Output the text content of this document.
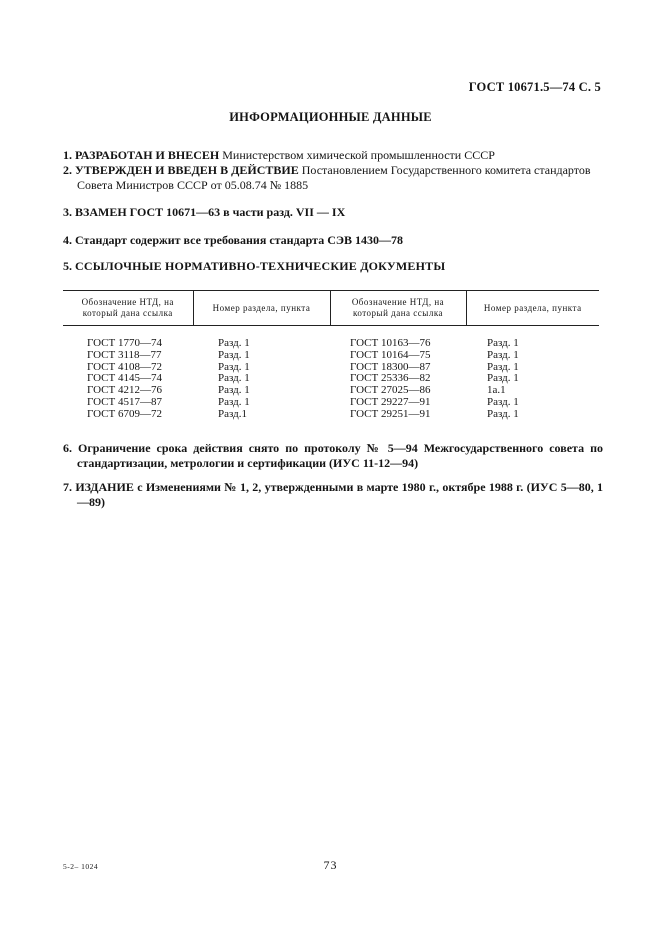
ГОСТ 10671.5—74 С. 5
ИНФОРМАЦИОННЫЕ ДАННЫЕ
1. РАЗРАБОТАН И ВНЕСЕН Министерством химической промышленности СССР
2. УТВЕРЖДЕН И ВВЕДЕН В ДЕЙСТВИЕ Постановлением Государственного комитета стандартов
Совета Министров СССР от 05.08.74 № 1885
3. ВЗАМЕН ГОСТ 10671—63 в части разд. VII — IX
4. Стандарт содержит все требования стандарта СЭВ 1430—78
5. ССЫЛОЧНЫЕ НОРМАТИВНО-ТЕХНИЧЕСКИЕ ДОКУМЕНТЫ
Обозначение НТД, на который дана ссылка	Номер раздела, пункта	Обозначение НТД, на который дана ссылка	Номер раздела, пункта
ГОСТ 1770—74	Разд. 1	ГОСТ 10163—76	Разд. 1
ГОСТ 3118—77	Разд. 1	ГОСТ 10164—75	Разд. 1
ГОСТ 4108—72	Разд. 1	ГОСТ 18300—87	Разд. 1
ГОСТ 4145—74	Разд. 1	ГОСТ 25336—82	Разд. 1
ГОСТ 4212—76	Разд. 1	ГОСТ 27025—86	1а.1
ГОСТ 4517—87	Разд. 1	ГОСТ 29227—91	Разд. 1
ГОСТ 6709—72	Разд.1	ГОСТ 29251—91	Разд. 1
6. Ограничение срока действия снято по протоколу № 5—94 Межгосударственного совета по стандартизации, метрологии и сертификации (ИУС 11-12—94)
7. ИЗДАНИЕ с Изменениями № 1, 2, утвержденными в марте 1980 г., октябре 1988 г. (ИУС 5—80, 1—89)
5-2– 1024	73
